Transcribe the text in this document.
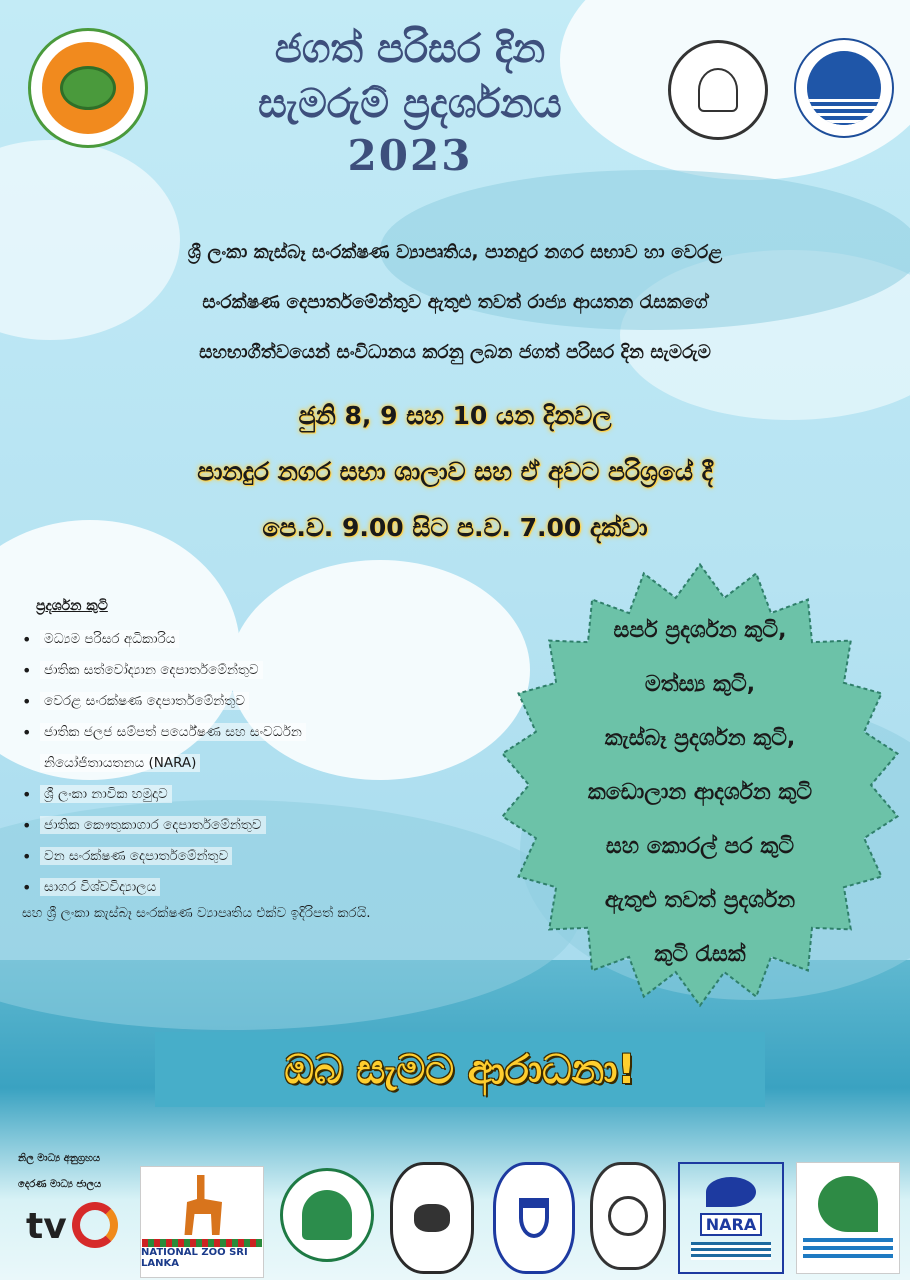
ජගත් පරිසර දින
සැමරුම් ප්‍රදර්ශනය
2023
ශ්‍රී ලංකා කැස්බෑ සංරක්ෂණ ව්‍යාපෘතිය, පානදුර නගර සභාව හා වෙරළ
සංරක්ෂණ දෙපාර්තමේන්තුව ඇතුළු තවත් රාජ්‍ය ආයතන රැසකගේ
සහභාගීත්වයෙන් සංවිධානය කරනු ලබන ජගත් පරිසර දින සැමරුම
ජුනි 8, 9 සහ 10 යන දිනවල
පානදුර නගර සභා ශාලාව සහ ඒ අවට පරිශ්‍රයේ දී
පෙ.ව. 9.00 සිට ප.ව. 7.00 දක්වා
ප්‍රදර්ශන කුටි
• මධ්‍යම පරිසර අධිකාරිය
• ජාතික සත්වෝද්‍යාන දෙපාර්තමේන්තුව
• වෙරළ සංරක්ෂණ දෙපාර්තමේන්තුව
• ජාතික ජලජ සම්පත් පර්යේෂණ සහ සංවර්ධන
නියෝජිතායතනය (NARA)
• ශ්‍රී ලංකා නාවික හමුදාව
• ජාතික කෞතුකාගාර දෙපාර්තමේන්තුව
• වන සංරක්ෂණ දෙපාර්තමේන්තුව
• සාගර විශ්වවිද්‍යාලය
සහ ශ්‍රී ලංකා කැස්බෑ සංරක්ෂණ ව්‍යාපෘතිය එක්ව ඉදිරිපත් කරයි.
සර්ප ප්‍රදර්ශන කුටි,
මත්ස්‍ය කුටි,
කැස්බෑ ප්‍රදර්ශන කුටි,
කඩොලාන ආදර්ශන කුටි
සහ කොරල් පර කුටි
ඇතුළු තවත් ප්‍රදර්ශන
කුටි රැසක්
ඔබ සැමට ආරාධනා!
නිල මාධ්‍ය අනුග්‍රහය
දෙරණ මාධ්‍ය ජාලය
tv
NATIONAL ZOO SRI LANKA
NARA
